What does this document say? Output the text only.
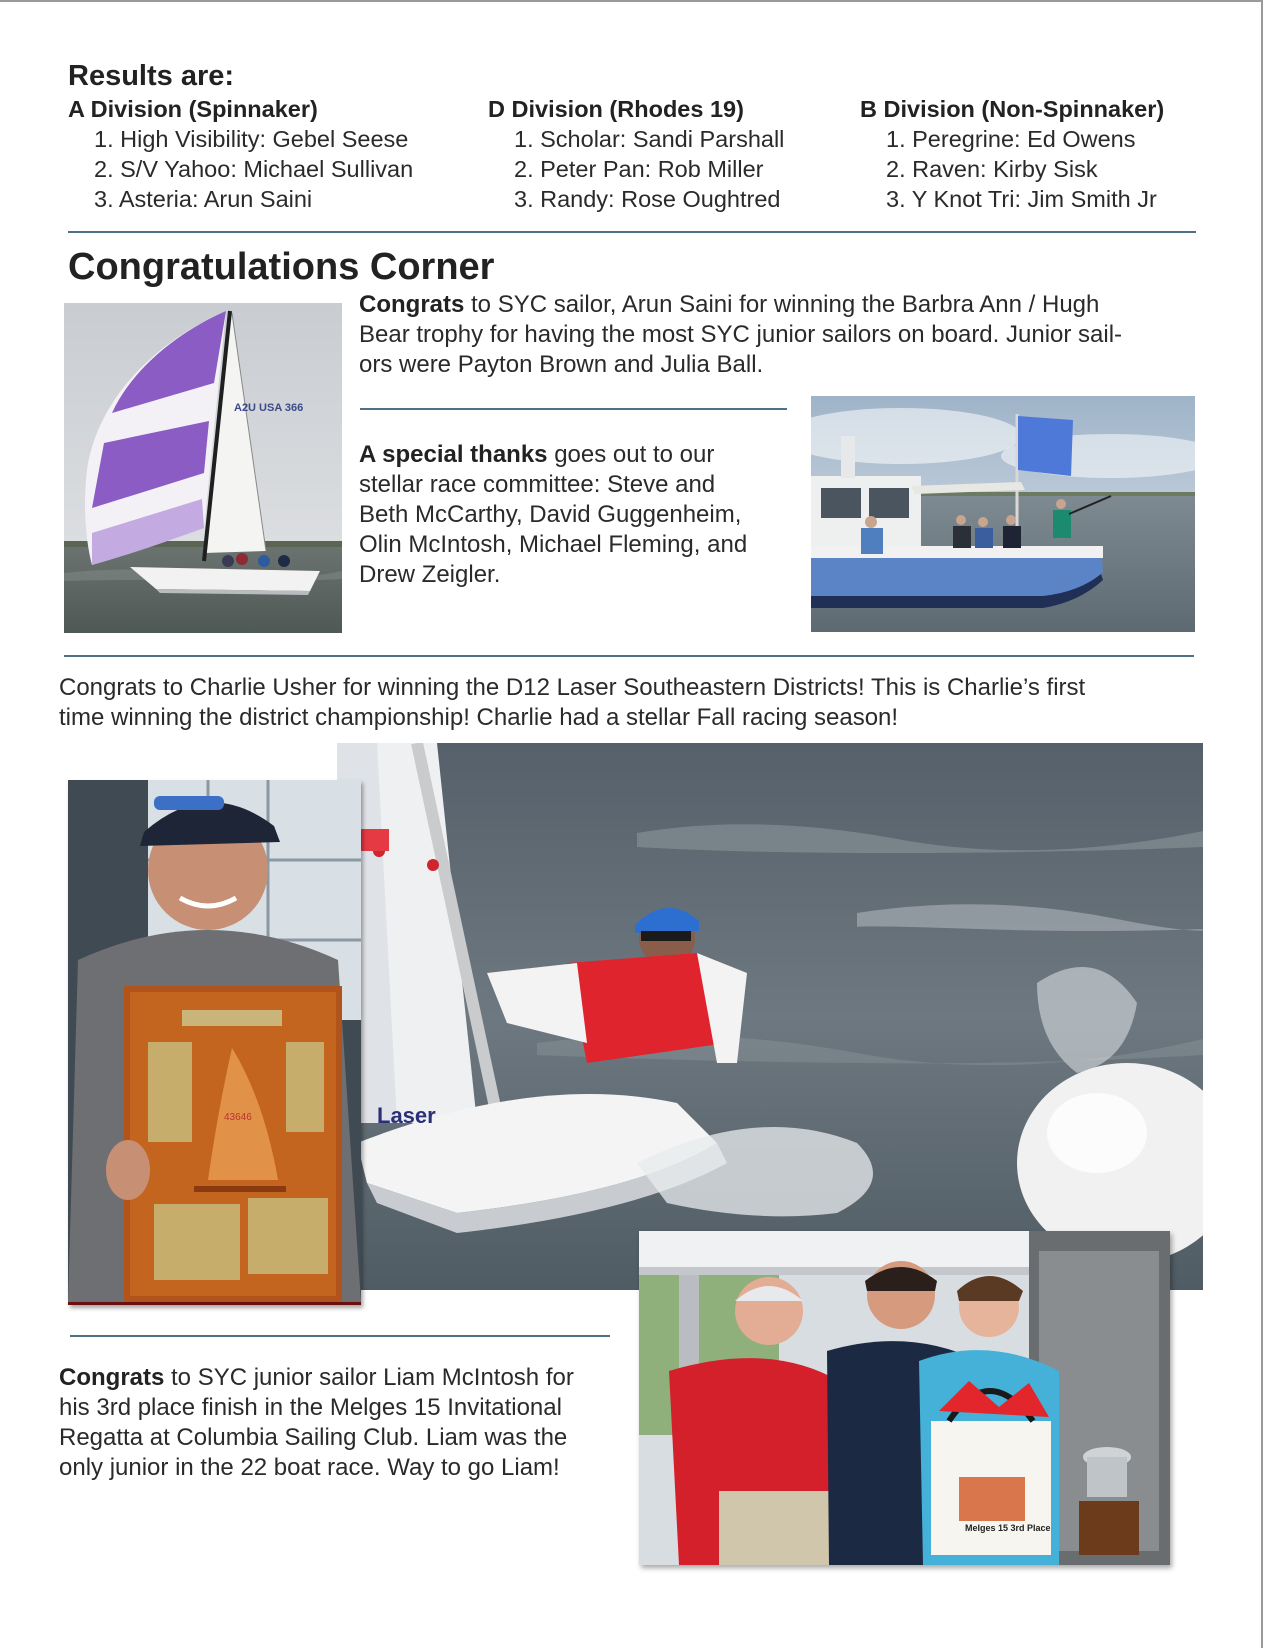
Results are:
A Division (Spinnaker)
1. High Visibility: Gebel Seese
2. S/V Yahoo: Michael Sullivan
3. Asteria: Arun Saini
D Division (Rhodes 19)
1. Scholar: Sandi Parshall
2. Peter Pan: Rob Miller
3. Randy: Rose Oughtred
B Division (Non-Spinnaker)
1. Peregrine: Ed Owens
2. Raven: Kirby Sisk
3. Y Knot Tri: Jim Smith Jr
Congratulations Corner
A2U USA 366
Congrats to SYC sailor, Arun Saini for winning the Barbra Ann / Hugh
Bear trophy for having the most SYC junior sailors on board. Junior sail-
ors were Payton Brown and Julia Ball.
A special thanks goes out to our
stellar race committee: Steve and
Beth McCarthy, David Guggenheim,
Olin McIntosh, Michael Fleming, and
Drew Zeigler.
Congrats to Charlie Usher for winning the D12 Laser Southeastern Districts! This is Charlie’s first
time winning the district championship! Charlie had a stellar Fall racing season!
Laser
43646
Congrats to SYC junior sailor Liam McIntosh for
his 3rd place finish in the Melges 15 Invitational
Regatta at Columbia Sailing Club. Liam was the
only junior in the 22 boat race. Way to go Liam!
Melges 15 3rd Place
